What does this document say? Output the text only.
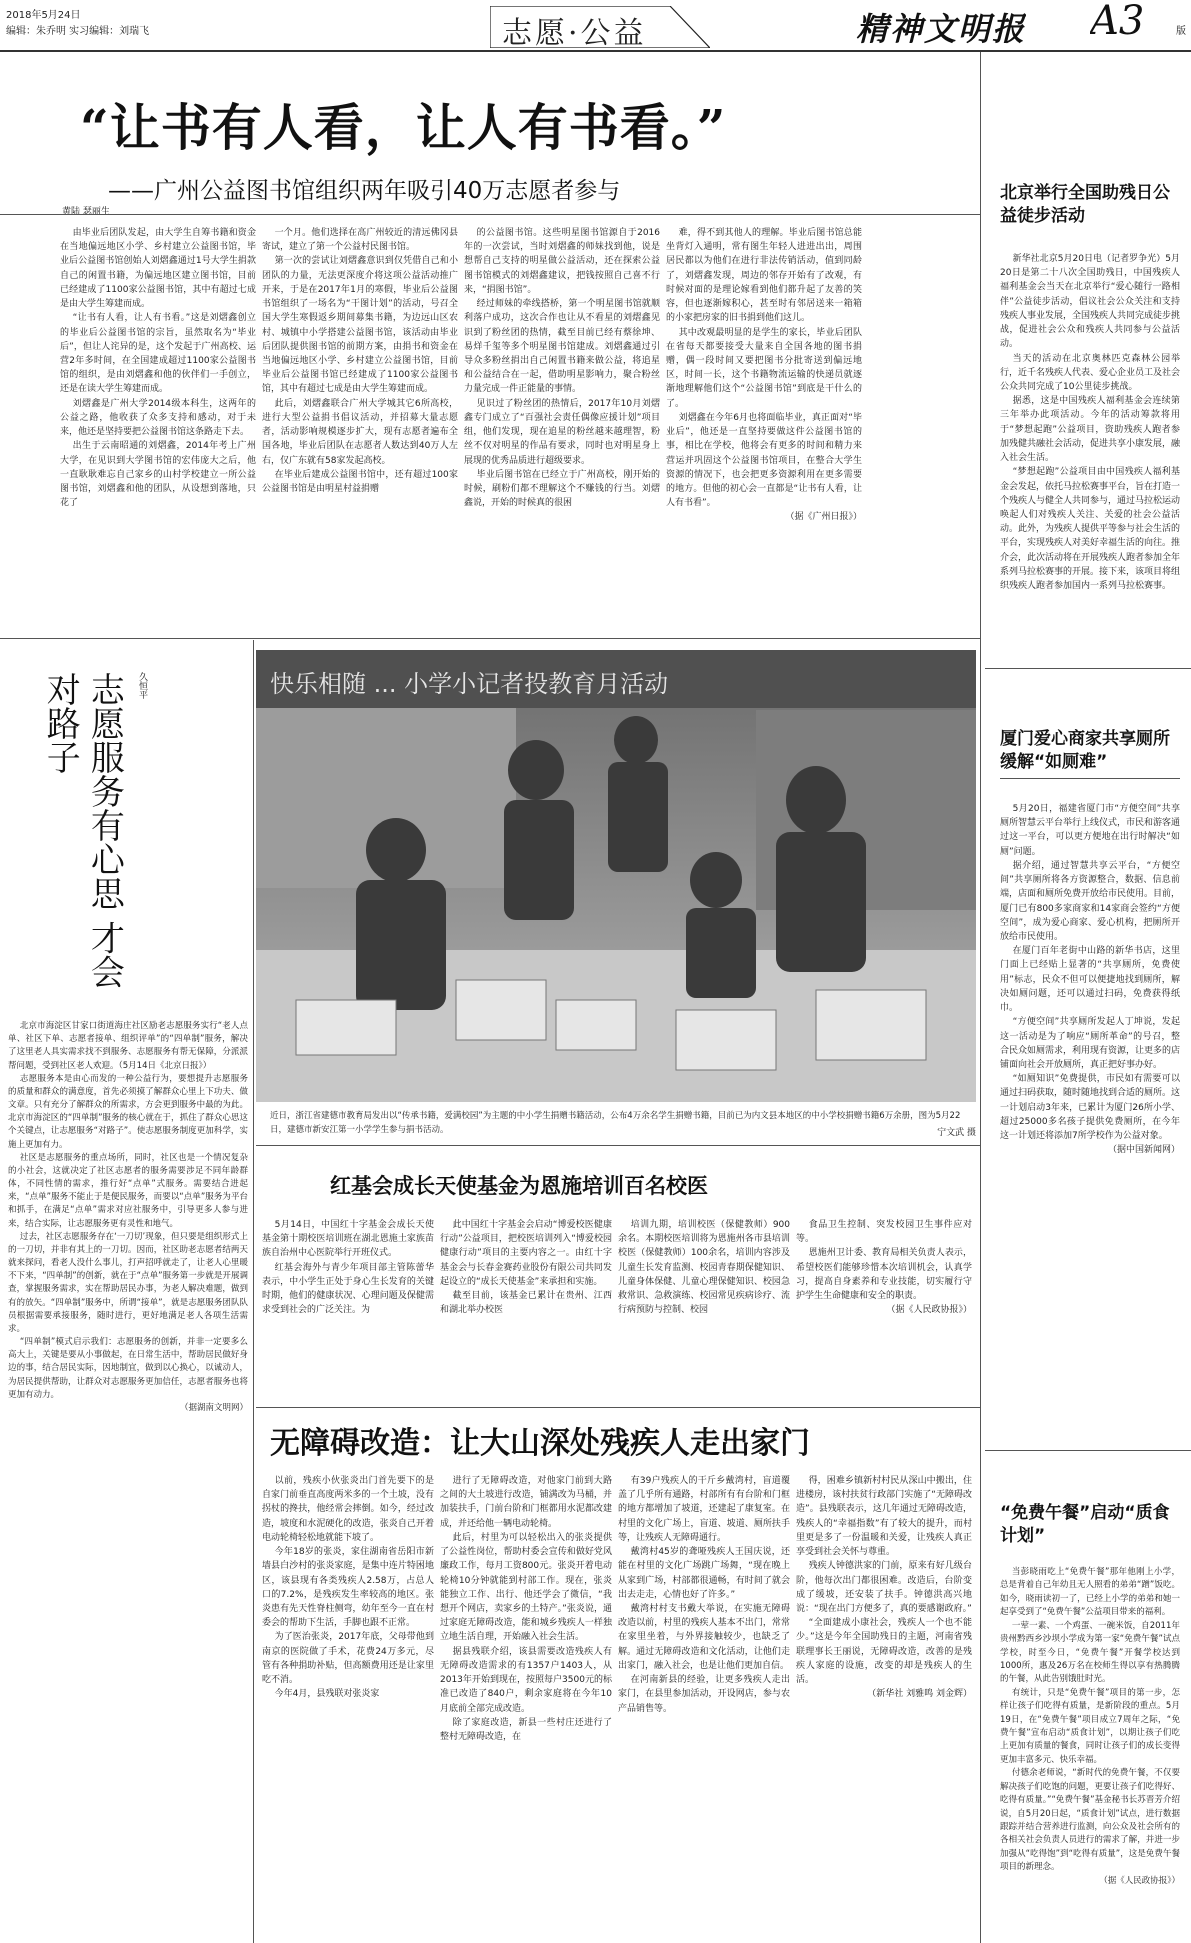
2018年5月24日
编辑：朱乔明 实习编辑：刘瑞飞	志愿·公益	精神文明报 A3	版
“让书有人看，让人有书看。”
——广州公益图书馆组织两年吸引40万志愿者参与
黄陆 瑟丽生

由毕业后团队发起，由大学生自筹书籍和资金在当地偏远地区小学、乡村建立公益图书馆，毕业后公益图书馆创始人刘熠鑫通过1号大学生捐款自己的闲置书籍，为偏远地区建立图书馆，目前已经建成了1100家公益图书馆，其中有超过七成是由大学生筹建而成。

“让书有人看，让人有书看。”这是刘熠鑫创立的毕业后公益图书馆的宗旨，虽然取名为“毕业后”，但让人诧异的是，这个发起于广州高校、运营2年多时间，在全国建成超过1100家公益图书馆的组织，是由刘熠鑫和他的伙伴们一手创立，还是在读大学生筹建而成。

刘熠鑫是广州大学2014级本科生，这两年的公益之路，他收获了众多支持和感动，对于未来，他还是坚持要把公益图书馆这条路走下去。

出生于云南昭通的刘熠鑫，2014年考上广州大学，在见识到大学图书馆的宏伟庞大之后，他一直耿耿难忘自己家乡的山村学校建立一所公益图书馆，刘熠鑫和他的团队，从设想到落地，只花了

一个月。他们选择在高广州较近的清远佛冈县寄试，建立了第一个公益村民图书馆。

第一次的尝试让刘熠鑫意识到仅凭借自己和小团队的力量，无法更深度介将这项公益活动推广开来，于是在2017年1月的寒假，毕业后公益图书馆组织了一场名为“干图计划”的活动，号召全国大学生寒假返乡期间募集书籍，为边远山区农村、城镇中小学搭建公益图书馆，该活动由毕业后团队提供图书馆的前期方案，由捐书和资金在当地偏远地区小学、乡村建立公益图书馆，目前毕业后公益图书馆已经建成了1100家公益图书馆，其中有超过七成是由大学生筹建而成。

此后，刘熠鑫联合广州大学城其它6所高校，进行大型公益捐书倡议活动，并招募大量志愿者，活动影响规模逐步扩大，现有志愿者遍布全国各地，毕业后团队在志愿者人数达到40万人左右，仅广东就有58家发起高校。

在毕业后建成公益图书馆中，还有超过100家公益图书馆是由明星村益捐赠

的公益图书馆。这些明星图书馆源自于2016年的一次尝试，当时刘熠鑫的师妹找到他，说是想帮自己支持的明星做公益活动，还在探索公益图书馆模式的刘熠鑫建议，把钱按照自己喜不行来，“捐图书馆”。

经过师妹的牵线搭桥，第一个明星图书馆就顺利落户成功，这次合作也让从不看星的刘熠鑫见识到了粉丝团的热情，截至目前已经有蔡徐坤、易烊千玺等多个明星图书馆建成。刘熠鑫通过引导众多粉丝捐出自己闲置书籍来做公益，将追星和公益结合在一起，借助明星影响力，聚合粉丝力量完成一件正能量的事情。

见识过了粉丝团的热情后，2017年10月刘熠鑫专门成立了“百强社会责任偶像应援计划”项目组，他们发现，现在追星的粉丝越来越理智，粉丝不仅对明星的作品有要求，同时也对明星身上展现的优秀品质进行超级要求。

毕业后图书馆在已经立于广州高校，刚开始的时候，刷粉们都不理解这个不赚钱的行当。刘熠鑫说，开始的时候真的很困

难，得不到其他人的理解。毕业后图书馆总能坐背灯入通明，常有图生年轻人进进出出，周围居民都以为他们在进行非法传销活动，值到同龄了，刘熠鑫发现，周边的邻存开始有了改观，有时候对面的是理论嫁看到他们都升起了友善的笑容，但也逐渐嫁积心，甚至时有邻居送来一箱箱的小家把房家的旧书捐到他们这儿。

其中改观最明显的是学生的家长，毕业后团队在省每天都要接受大量来自全国各地的图书捐赠，偶一段时间又要把图书分批寄送到偏远地区，时间一长，这个书籍物流运输的快递员就逐渐地理解他们这个“公益图书馆”到底是干什么的了。

刘熠鑫在今年6月也将面临毕业，真正面对“毕业后”，他还是一直坚持要做这件公益图书馆的事，相比在学校，他将会有更多的时间和精力来营运并巩固这个公益图书馆项目，在整合大学生资源的情况下，也会把更多资源利用在更多需要的地方。但他的初心会一直都是“让书有人看，让人有书看”。

（据《广州日报》）

北京举行全国助残日公益徒步活动

新华社北京5月20日电（记者罗争光）5月20日是第二十八次全国助残日，中国残疾人福利基金会当天在北京举行“爱心随行一路相伴”公益徒步活动，倡议社会公众关注和支持残疾人事业发展，全国残疾人共同完成徒步挑战，促进社会公众和残疾人共同参与公益活动。

当天的活动在北京奥林匹克森林公园举行，近千名残疾人代表、爱心企业员工及社会公众共同完成了10公里徒步挑战。

据悉，这是中国残疾人福利基金会连续第三年举办此项活动。今年的活动筹款将用于“梦想起跑”公益项目，资助残疾人跑者参加残健共融社会活动，促进共享小康发展，融入社会生活。

“梦想起跑”公益项目由中国残疾人福利基金会发起，依托马拉松赛事平台，旨在打造一个残疾人与健全人共同参与，通过马拉松运动唤起人们对残疾人关注、关爱的社会公益活动。此外，为残疾人提供平等参与社会生活的平台，实现残疾人对美好幸福生活的向往。推介会，此次活动将在开展残疾人跑者参加全年系列马拉松赛事的开展。接下来，该项目将组织残疾人跑者参加国内一系列马拉松赛事。

快乐相随 ... 小学小记者投教育月活动
近日，浙江省建德市教育局发出以“传承书籍，爱满校园”为主题的中小学生捐赠书籍活动，公布4万余名学生捐赠书籍，目前已为内文县本地区的中小学校捐赠书籍6万余册，图为5月22日，建德市新安江第一小学学生参与捐书活动。	宁文武 摄
久恒平
志愿服务有心思 才会对路子

北京市海淀区甘家口街道海庄社区励老志愿服务实行“老人点单、社区下单、志愿者接单、组织评单”的“四单制”服务，解决了这里老人具实需求找不到服务、志愿服务有帮无保障，分派派帮问题，受到社区老人欢迎。（5月14日《北京日报》）

志愿服务本是由心而发的一种公益行为，要想提升志愿服务的质量和群众的满意度，首先必须摸了解群众心里上下功夫、做文章。只有充分了解群众的所需求，方会更到服务中最的为此。北京市海淀区的“四单制”服务的核心就在于，抓住了群众心思这个关键点，让志愿服务“对路子”。使志愿服务制度更加科学，实施上更加有力。

社区是志愿服务的重点场所，同时，社区也是一个情况复杂的小社会，这就决定了社区志愿者的服务需要涉足不同年龄群体，不同性情的需求，推行好“点单”式服务。需要结合进起来，“点单”服务不能止于是便民服务，而要以“点单”服务为平台和抓手，在满足“点单”需求对应社服务中，引导更多人参与进来，结合实际，让志愿服务更有灵性和地气。

过去，社区志愿服务存在‘一刀切’现象，但只要是组织形式上的一刀切，并非有其上的一刀切。因而，社区助老志愿者结两天就来探问，看老人没什么事儿，打声招呼就走了，让老人心里暖不下来，“四单制”的创新，就在于“点单”服务第一步就是开展调查，掌握服务需求，实在帮助居民办事，为老人解决难题，做到有的放矢。“四单制”服务中，所谓“接单”，就是志愿服务团队队员根据需要承接服务，随时进行，更好地满足老人各项生活需求。

“四单制”模式启示我们：志愿服务的创新，并非一定要多么高大上，关键是要从小事做起，在日常生活中，帮助居民做好身边的事，结合居民实际，因地制宜，做到以心换心，以诚动人，为居民提供帮助，让群众对志愿服务更加信任，志愿者服务也将更加有动力。

（据湖南文明网）

红基会成长天使基金为恩施培训百名校医

5月14日，中国红十字基金会成长天使基金第十期校医培训班在湖北恩施土家族苗族自治州中心医院举行开班仪式。

红基会海外与青少年项目部主管陈蕾华表示，中小学生正处于身心生长发育的关键时期，他们的健康状况、心理问题及保健需求受到社会的广泛关注。为

此中国红十字基金会启动“博爱校医健康行动”公益项目，把校医培训列入“博爱校园健康行动”项目的主要内容之一。由红十字基金会与长春金赛药业股份有限公司共同发起设立的“成长天使基金”来承担和实施。

截至目前，该基金已累计在贵州、江西和湖北举办校医

培训九期，培训校医（保健教师）900余名。本期校医培训将为恩施州各市县培训校医（保健教师）100余名，培训内容涉及儿童生长发育监测、校园青春期保健知识、儿童身体保健、儿童心理保健知识、校园急救常识、急救演练、校园常见疾病诊疗、流行病预防与控制、校园

食品卫生控制、突发校园卫生事件应对等。

恩施州卫计委、教育局相关负责人表示，希望校医们能够珍惜本次培训机会，认真学习，提高自身素养和专业技能，切实履行守护学生生命健康和安全的职责。

（据《人民政协报》）

无障碍改造：让大山深处残疾人走出家门

以前，残疾小伙张炎出门首先要下的是自家门前垂直高度两米多的一个土坡，没有拐杖的搀扶，他经常会摔倒。如今，经过改造，坡度和水泥硬化的改造，张炎自己开着电动轮椅轻松地就能下坡了。

今年18岁的张炎，家住湖南省岳阳市新墙县白沙村的张炎家庭，是集中连片特困地区，该县现有各类残疾人2.58万，占总人口的7.2%，是残疾发生率较高的地区。张炎患有先天性脊柱侧弯，幼年至今一直在村委会的帮助下生活，手脚也跟不正常。

为了医治张炎，2017年底，父母带他到南京的医院做了手术，花费24万多元，尽管有各种捐助补贴，但高额费用还是让家里吃不消。

今年4月，县残联对张炎家

进行了无障碍改造，对他家门前到大路之间的大土坡进行改造，铺满改为马桶，并加装扶手，门前台阶和门框都用水泥都改建成，并还给他一辆电动轮椅。

此后，村里为可以轻松出入的张炎提供了公益性岗位，帮助村委会宣传和做好党风廉政工作，每月工资800元。张炎开着电动轮椅10分钟就能到村部工作。现在，张炎能独立工作、出行、他还学会了微信，“我想开个网店，卖家乡的土特产。”张炎说，通过家庭无障碍改造，能和城乡残疾人一样独立地生活自理，开始融入社会生活。

据县残联介绍，该县需要改造残疾人有无障碍改造需求的有1357户1403人，从2013年开始到现在，按照每户3500元的标准已改造了840户，剩余家庭将在今年10月底前全部完成改造。

除了家庭改造，新县一些村庄还进行了整村无障碍改造，在

有39户残疾人的干斤乡戴湾村，盲道覆盖了几乎所有通路，村部所有有台阶和门框的地方都增加了坡道，还建起了康复室。在村里的文化广场上，盲道、坡道、厕所扶手等，让残疾人无障碍通行。

戴湾村45岁的聋哑残疾人王国庆说，还能在村里的文化广场跳广场舞，“现在晚上从家到广场，村部都很通畅，有时间了就会出去走走，心情也好了许多。”

戴湾村村支书戴大举说，在实施无障碍改造以前，村里的残疾人基本不出门，常常在家里坐着，与外界接触较少，也缺乏了解。通过无障碍改造和文化活动，让他们走出家门，融入社会，也是让他们更加自信。

在河南新县的经验，让更多残疾人走出家门，在县里参加活动，开设网店，参与农产品销售等。

得，困难乡镇新村村民从深山中搬出，住进楼房，该村扶贫行政部门实施了“无障碍改造”。县残联表示，这几年通过无障碍改造，残疾人的“幸福指数”有了较大的提升，而村里更是多了一份温暖和关爱，让残疾人真正享受到社会关怀与尊重。

残疾人钟德洪家的门前，原来有好几级台阶，他每次出门都很困难。改造后，台阶变成了缓坡，还安装了扶手。钟德洪高兴地说：“现在出门方便多了，真的要感谢政府。”

“全面建成小康社会，残疾人一个也不能少。”这是今年全国助残日的主题，河南省残联理事长王丽说，无障碍改造，改善的是残疾人家庭的设施，改变的却是残疾人的生活。

（新华社 刘雅鸣 刘金辉）

厦门爱心商家共享厕所缓解“如厕难”

5月20日，福建省厦门市“方便空间”共享厕所智慧云平台举行上线仪式，市民和游客通过这一平台，可以更方便地在出行时解决“如厕”问题。

据介绍，通过智慧共享云平台，“方便空间”共享厕所将各方资源整合，数据、信息前端，店面和厕所免费开放给市民使用。目前，厦门已有800多家商家和14家商会签约“方便空间”，成为爱心商家、爱心机构，把厕所开放给市民使用。

在厦门百年老街中山路的新华书店，这里门面上已经贴上显著的“共享厕所，免费使用”标志，民众不但可以便捷地找到厕所，解决如厕问题，还可以通过扫码，免费获得纸巾。

“方便空间”共享厕所发起人丁坤说，发起这一活动是为了响应“厕所革命”的号召，整合民众如厕需求，利用现有资源，让更多的店铺面向社会开放厕所，真正把好事办好。

“如厕知识”免费提供，市民如有需要可以通过扫码获取，随时随地找到合适的厕所。这一计划启动3年来，已累计为厦门26所小学、超过25000多名孩子提供免费厕所，在今年这一计划还将添加7所学校作为公益对象。

（据中国新闻网）

“免费午餐”启动“质食计划”

当彭晓雨吃上“免费午餐”那年他刚上小学，总是背着自己年幼且无人照看的弟弟“蹭”饭吃。如今，晓雨读初一了，已经上小学的弟弟和她一起享受到了“免费午餐”公益项目带来的福利。

一荤一素、一个鸡蛋、一碗米饭，自2011年贵州黔西乡沙坝小学成为第一家“免费午餐”试点学校，时至今日，“免费午餐”开餐学校达到1000所，惠及26万名在校师生得以享有热腾腾的午餐，从此告别饿肚时光。

有统计，只是“免费午餐”项目的第一步，怎样让孩子们吃得有质量，是新阶段的重点。5月19日，在“免费午餐”项目成立7周年之际，“免费午餐”宣布启动“质食计划”，以期让孩子们吃上更加有质量的餐食，同时让孩子们的成长变得更加丰富多元、快乐幸福。

付德余老师说，“新时代的免费午餐，不仅要解决孩子们吃饱的问题，更要让孩子们吃得好、吃得有质量。”“免费午餐”基金秘书长苏晋芳介绍说，自5月20日起，“质食计划”试点，进行数据跟踪并结合营养进行监测，向公众及社会所有的各相关社会负责人员进行的需求了解，并进一步加强从“吃得饱”到“吃得有质量”，这是免费午餐项目的新理念。

（据《人民政协报》）
